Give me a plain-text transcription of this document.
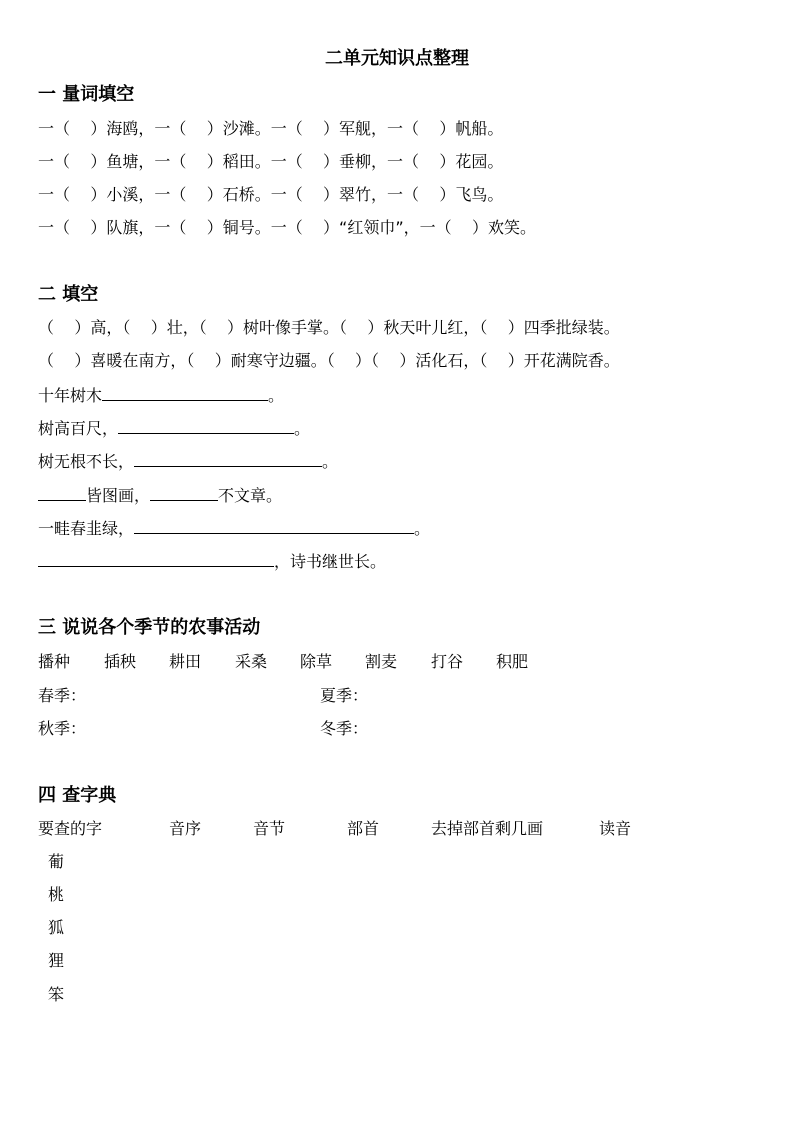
二单元知识点整理
一 量词填空
一（    ）海鸥，一（    ）沙滩。一（    ）军舰，一（    ）帆船。
一（    ）鱼塘，一（    ）稻田。一（    ）垂柳，一（    ）花园。
一（    ）小溪，一（    ）石桥。一（    ）翠竹，一（    ）飞鸟。
一（    ）队旗，一（    ）铜号。一（    ）“红领巾”，一（    ）欢笑。
二 填空
（    ）高，（    ）壮，（    ）树叶像手掌。（    ）秋天叶儿红，（    ）四季批绿装。
（    ）喜暖在南方，（    ）耐寒守边疆。（    ）（    ）活化石，（    ）开花满院香。
十年树木	。
树高百尺，	。
树无根不长，	。
皆图画，	不文章。
一畦春韭绿，	。
，诗书继世长。
三 说说各个季节的农事活动
播种 插秧 耕田 采桑 除草 割麦 打谷 积肥
春季：	夏季：
秋季：	冬季：
四 查字典
要查的字	音序	音节	部首	去掉部首剩几画	读音
葡
桃
狐
狸
笨
